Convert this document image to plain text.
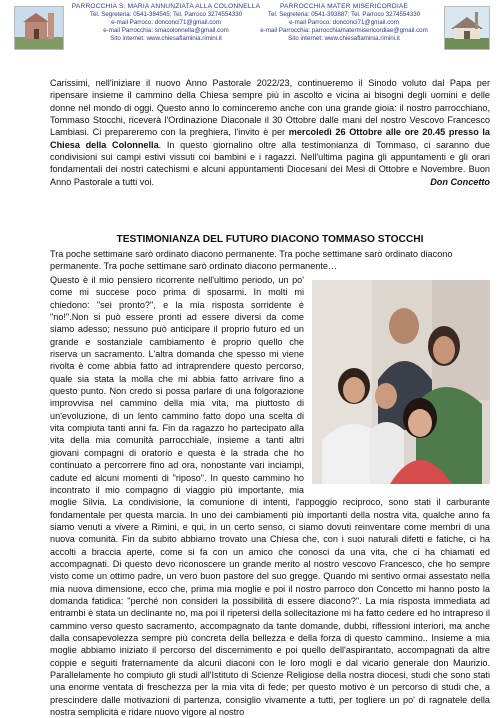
PARROCCHIA S. MARIA ANNUNZIATA ALLA COLONNELLA
Tel. Segreteria: 0541-384545; Tel. Parroco 327455433​0
e-mail Parroco: donconci71@gmail.com
e-mail Parrocchia: smacolonnella@gmail.com
Sito internet: www.chiesaflaminia.rimini.it
PARROCCHIA MATER MISERICORDIAE
Tel. Segreteria: 0541-393887; Tel. Parroco 3274554330
e-mail Parroco: donconci71@gmail.com
e-mail Parrocchia: parrocchiamatermisericordiae@gmail.com
Sito internet: www.chiesaflaminia.rimini.it
Carissimi, nell'iniziare il nuovo Anno Pastorale 2022/23, continueremo il Sinodo voluto dal Papa per ripensare insieme il cammino della Chiesa sempre più in ascolto e vicina ai bisogni degli uomini e delle donne nel mondo di oggi. Questo anno lo cominceremo anche con una grande gioia: il nostro parrocchiano, Tommaso Stocchi, riceverà l'Ordinazione Diaconale il 30 Ottobre dalle mani del nostro Vescovo Francesco Lambiasi. Ci prepareremo con la preghiera, l'invito è per mercoledì 26 Ottobre alle ore 20.45 presso la Chiesa della Colonnella. In questo giornalino oltre alla testimonianza di Tommaso, ci saranno due condivisioni sui campi estivi vissuti coi bambini e i ragazzi. Nell'ultima pagina gli appuntamenti e gli orari fondamentali dei nostri catechismi e alcuni appuntamenti Diocesani dei Mesi di Ottobre e Novembre. Buon Anno Pastorale a tutti voi.	Don Concetto
TESTIMONIANZA DEL FUTURO DIACONO TOMMASO STOCCHI
Tra poche settimane sarò ordinato diacono permanente. Tra poche settimane sarò ordinato diacono permanente. Tra poche settimane sarò ordinato diacono permanente…

Questo è il mio pensiero ricorrente nell'ultimo periodo, un po' come mi succese poco prima di sposarmi. In molti mi chiedono: "sei pronto?", e la mia risposta sorridente è "no!".Non si può essere pronti ad essere diversi da come siamo adesso; nessuno può anticipare il proprio futuro ed un grande e sostanziale cambiamento è proprio quello che riserva un sacramento. L'altra domanda che spesso mi viene rivolta è come abbia fatto ad intraprendere questo percorso, quale sia stata la molla che mi abbia fatto arrivare fino a questo punto. Non credo si possa parlare di una folgorazione improvvisa nel cammino della mia vita, ma piuttosto di un'evoluzione, di un lento cammino fatto dopo una scelta di vita compiuta tanti anni fa. Fin da ragazzo ho partecipato alla vita della mia comunità parrocchiale, insieme a tanti altri giovani compagni di oratorio e questa è la strada che ho continuato a percorrere fino ad ora, nonostante vari inciampi, cadute ed alcuni momenti di "riposo". In questo cammino ho incontrato il mio compagno di viaggio più importante, mia moglie Silvia. La condivisione, la comunione di intenti, l'appoggio reciproco, sono stati il carburante fondamentale per questa marcia. In uno dei cambiamenti più importanti della nostra vita, qualche anno fa siamo venuti a vivere a Rimini, e qui, in un certo senso, ci siamo dovuti reinventare come membri di una nuova comunità. Fin da subito abbiamo trovato una Chiesa che, con i suoi naturali difetti e fatiche, ci ha accolti a braccia aperte, come si fa con un amico che conosci da una vita, che ci ha chiamati ed accompagnati. Di questo devo riconoscere un grande merito al nostro vescovo Francesco, che ho sempre visto come un ottimo padre, un vero buon pastore del suo gregge. Quando mi sentivo ormai assestato nella mia nuova dimensione, ecco che, prima mia moglie e poi il nostro parroco don Concetto mi hanno posto la domanda fatidica: "perché non consideri la possibilità di essere diacono?". La mia risposta immediata ad entrambi è stata un declinante no, ma poi il ripetersi della sollecitazione mi ha fatto cedere ed ho intrapreso il cammino verso questo sacramento, accompagnato da tante domande, dubbi, riflessioni interiori, ma anche dalla consapevolezza sempre più concreta della bellezza e della forza di questo cammino.. Insieme a mia moglie abbiamo iniziato il percorso del discernimento e poi quello dell'aspirantato, accompagnati da altre coppie e seguiti fraternamente da alcuni diaconi con le loro mogli e dal vicario generale don Maurizio. Parallelamente ho compiuto gli studi all'Istituto di Scienze Religiose della nostra diocesi, studi che sono stati una enorme ventata di freschezza per la mia vita di fede; per questo motivo è un percorso di studi che, a prescindere dalle motivazioni di partenza, consiglio vivamente a tutti, per togliere un po' di ragnatele della nostra semplicità e ridare nuovo vigore al nostro
